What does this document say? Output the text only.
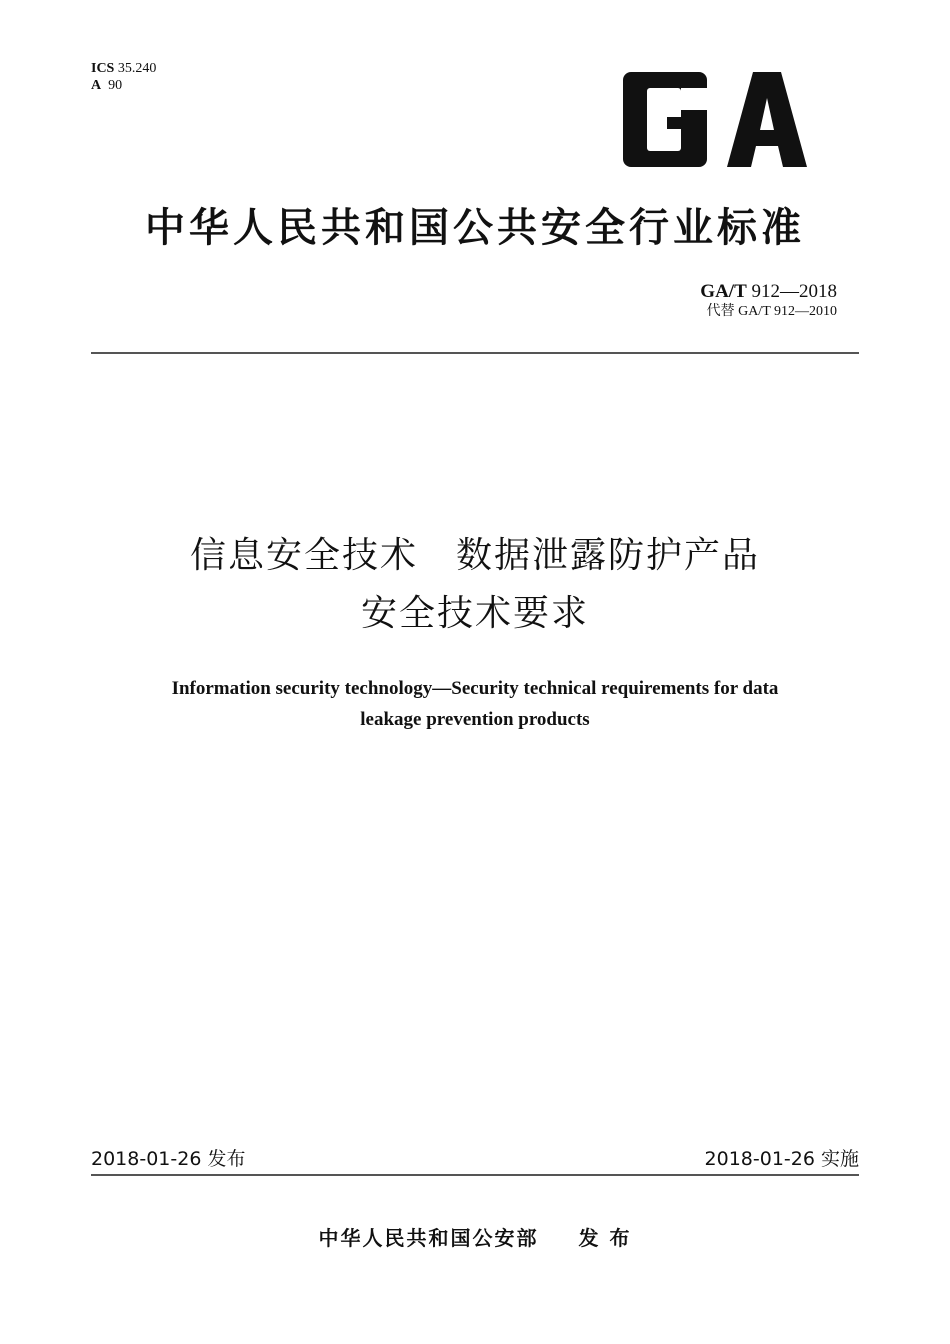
ICS 35.240
A 90
中华人民共和国公共安全行业标准
GA/T 912—2018
代替 GA/T 912—2010
信息安全技术　数据泄露防护产品
安全技术要求
Information security technology—Security technical requirements for data
leakage prevention products
2018-01-26 发布	2018-01-26 实施
中华人民共和国公安部 发 布
